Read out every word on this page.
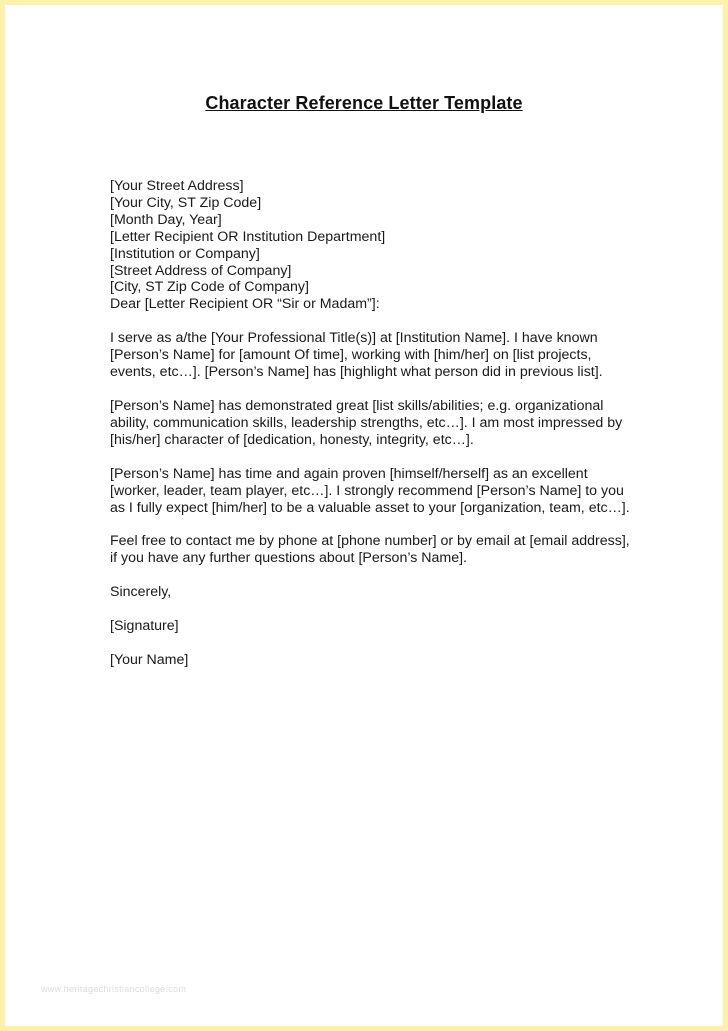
Character Reference Letter Template
[Your Street Address]
[Your City, ST Zip Code]
[Month Day, Year]
[Letter Recipient OR Institution Department]
[Institution or Company]
[Street Address of Company]
[City, ST Zip Code of Company]
Dear [Letter Recipient OR “Sir or Madam”]:

I serve as a/the [Your Professional Title(s)] at [Institution Name]. I have known [Person’s Name] for [amount Of time], working with [him/her] on [list projects, events, etc…]. [Person’s Name] has [highlight what person did in previous list].

[Person’s Name] has demonstrated great [list skills/abilities; e.g. organizational ability, communication skills, leadership strengths, etc…]. I am most impressed by [his/her] character of [dedication, honesty, integrity, etc…].

[Person’s Name] has time and again proven [himself/herself] as an excellent [worker, leader, team player, etc…]. I strongly recommend [Person’s Name] to you as I fully expect [him/her] to be a valuable asset to your [organization, team, etc…].

Feel free to contact me by phone at [phone number] or by email at [email address], if you have any further questions about [Person’s Name].

Sincerely,

[Signature]

[Your Name]

www.heritagechristiancollege.com
